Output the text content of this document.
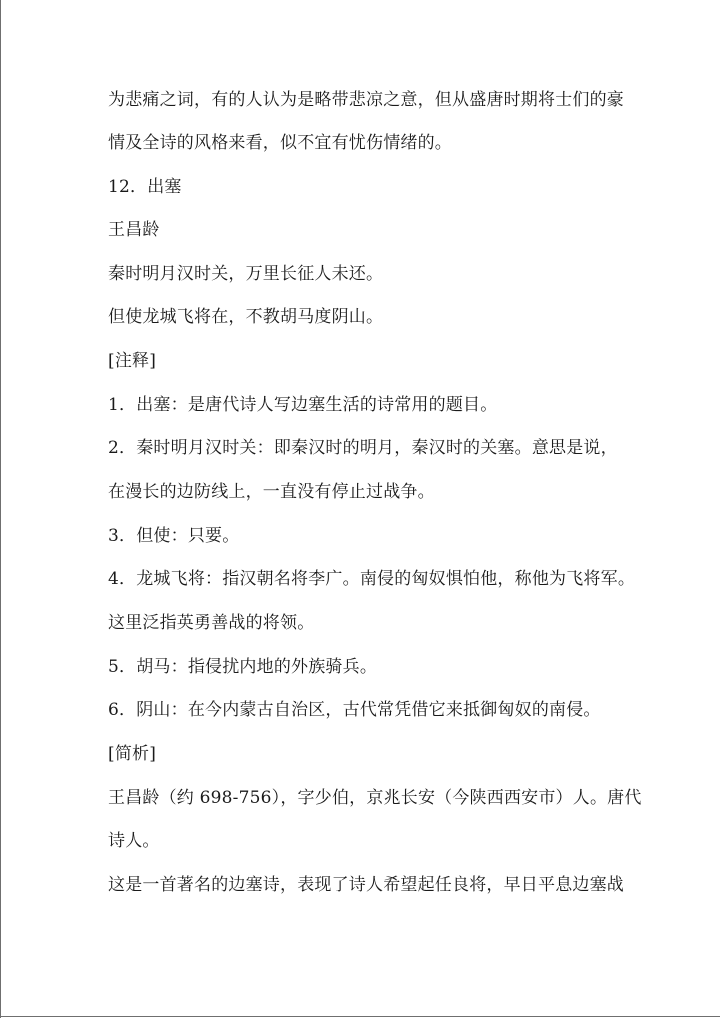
为悲痛之词，有的人认为是略带悲凉之意，但从盛唐时期将士们的豪
情及全诗的风格来看，似不宜有忧伤情绪的。
12．出塞
王昌龄
秦时明月汉时关，万里长征人未还。
但使龙城飞将在，不教胡马度阴山。
[注释]
1．出塞：是唐代诗人写边塞生活的诗常用的题目。
2．秦时明月汉时关：即秦汉时的明月，秦汉时的关塞。意思是说，
在漫长的边防线上，一直没有停止过战争。
3．但使：只要。
4．龙城飞将：指汉朝名将李广。南侵的匈奴惧怕他，称他为飞将军。
这里泛指英勇善战的将领。
5．胡马：指侵扰内地的外族骑兵。
6．阴山：在今内蒙古自治区，古代常凭借它来抵御匈奴的南侵。
[简析]
王昌龄（约 698-756），字少伯，京兆长安（今陕西西安市）人。唐代
诗人。
这是一首著名的边塞诗，表现了诗人希望起任良将，早日平息边塞战
